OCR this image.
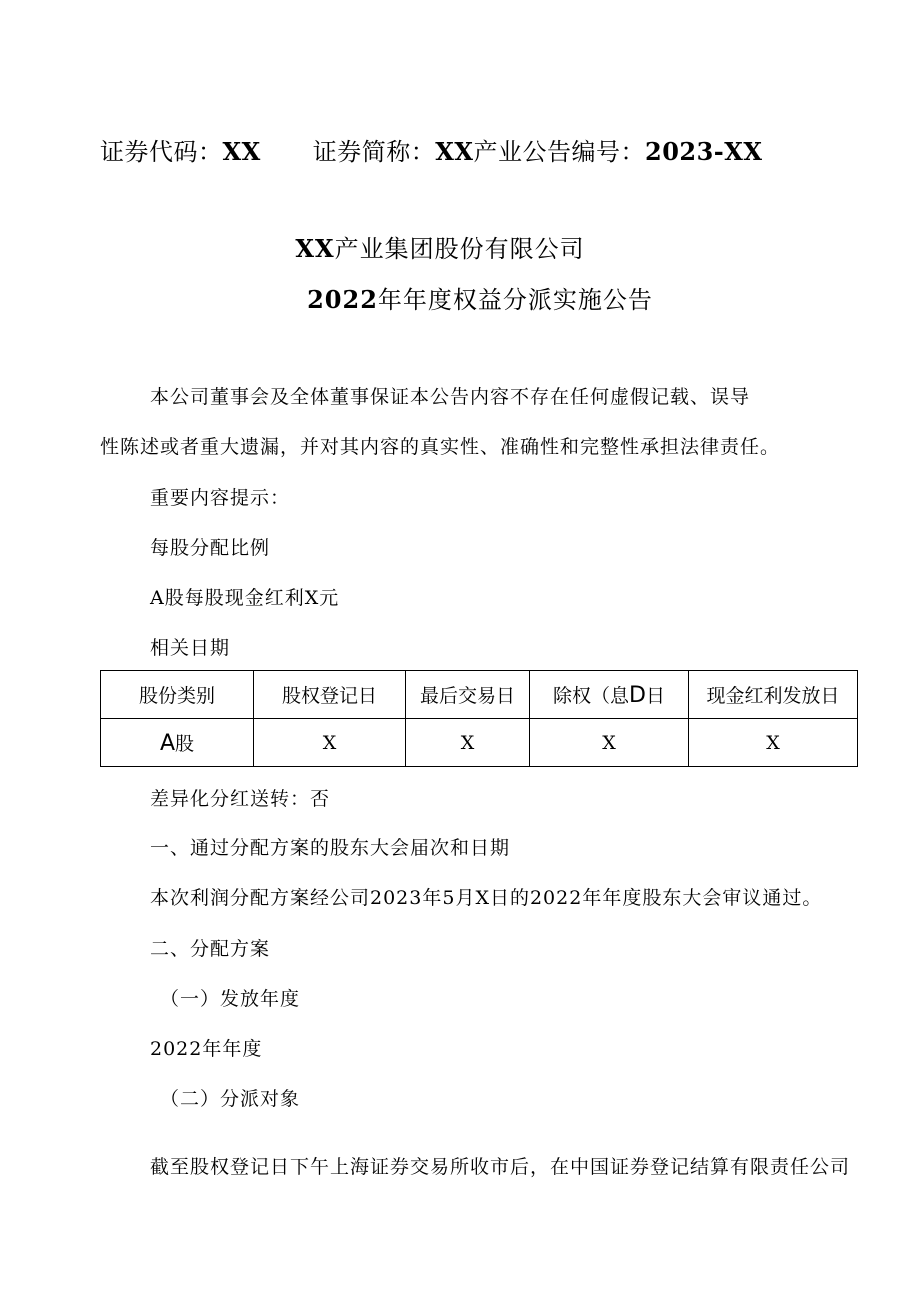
证券代码：XX 证券简称：XX产业公告编号：2023-XX
XX产业集团股份有限公司
2022年年度权益分派实施公告
本公司董事会及全体董事保证本公告内容不存在任何虚假记载、误导
性陈述或者重大遗漏，并对其内容的真实性、准确性和完整性承担法律责任。
重要内容提示：
每股分配比例
A股每股现金红利X元
相关日期
股份类别	股权登记日	最后交易日	除权（息D日	现金红利发放日
A股	X	X	X	X
差异化分红送转：否
一、通过分配方案的股东大会届次和日期
本次利润分配方案经公司2023年5月X日的2022年年度股东大会审议通过。
二、分配方案
（一）发放年度
2022年年度
（二）分派对象
截至股权登记日下午上海证券交易所收市后，在中国证券登记结算有限责任公司
